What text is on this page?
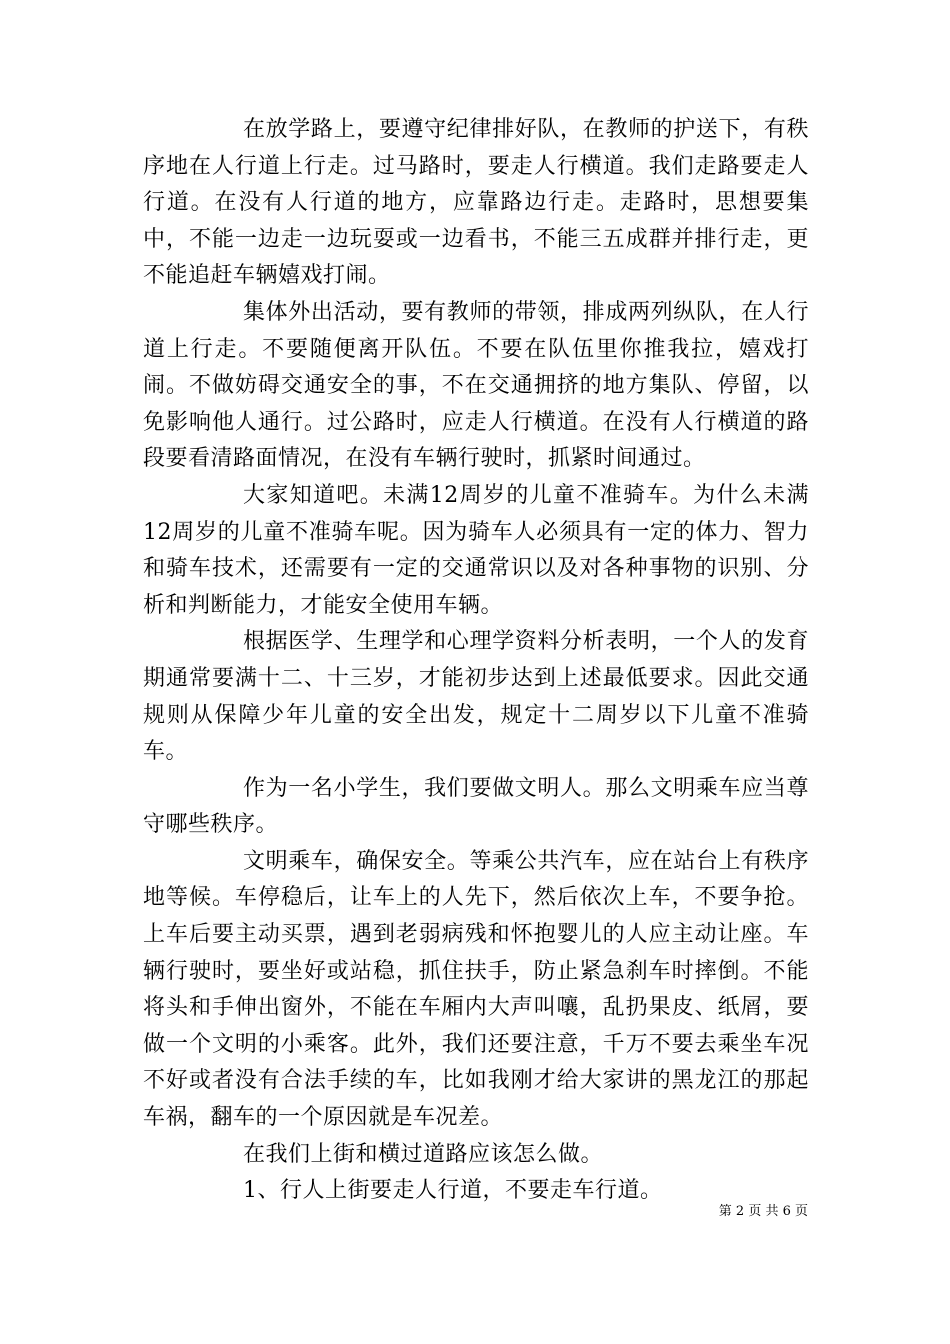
在放学路上，要遵守纪律排好队，在教师的护送下，有秩序地在人行道上行走。过马路时，要走人行横道。我们走路要走人行道。在没有人行道的地方，应靠路边行走。走路时，思想要集中，不能一边走一边玩耍或一边看书，不能三五成群并排行走，更不能追赶车辆嬉戏打闹。

集体外出活动，要有教师的带领，排成两列纵队，在人行道上行走。不要随便离开队伍。不要在队伍里你推我拉，嬉戏打闹。不做妨碍交通安全的事，不在交通拥挤的地方集队、停留，以免影响他人通行。过公路时，应走人行横道。在没有人行横道的路段要看清路面情况，在没有车辆行驶时，抓紧时间通过。

大家知道吧。未满12周岁的儿童不准骑车。为什么未满12周岁的儿童不准骑车呢。因为骑车人必须具有一定的体力、智力和骑车技术，还需要有一定的交通常识以及对各种事物的识别、分析和判断能力，才能安全使用车辆。

根据医学、生理学和心理学资料分析表明，一个人的发育期通常要满十二、十三岁，才能初步达到上述最低要求。因此交通规则从保障少年儿童的安全出发，规定十二周岁以下儿童不准骑车。

作为一名小学生，我们要做文明人。那么文明乘车应当尊守哪些秩序。

文明乘车，确保安全。等乘公共汽车，应在站台上有秩序地等候。车停稳后，让车上的人先下，然后依次上车，不要争抢。上车后要主动买票，遇到老弱病残和怀抱婴儿的人应主动让座。车辆行驶时，要坐好或站稳，抓住扶手，防止紧急刹车时摔倒。不能将头和手伸出窗外，不能在车厢内大声叫嚷，乱扔果皮、纸屑，要做一个文明的小乘客。此外，我们还要注意，千万不要去乘坐车况不好或者没有合法手续的车，比如我刚才给大家讲的黑龙江的那起车祸，翻车的一个原因就是车况差。

在我们上街和横过道路应该怎么做。

1、行人上街要走人行道，不要走车行道。

第 2 页 共 6 页
